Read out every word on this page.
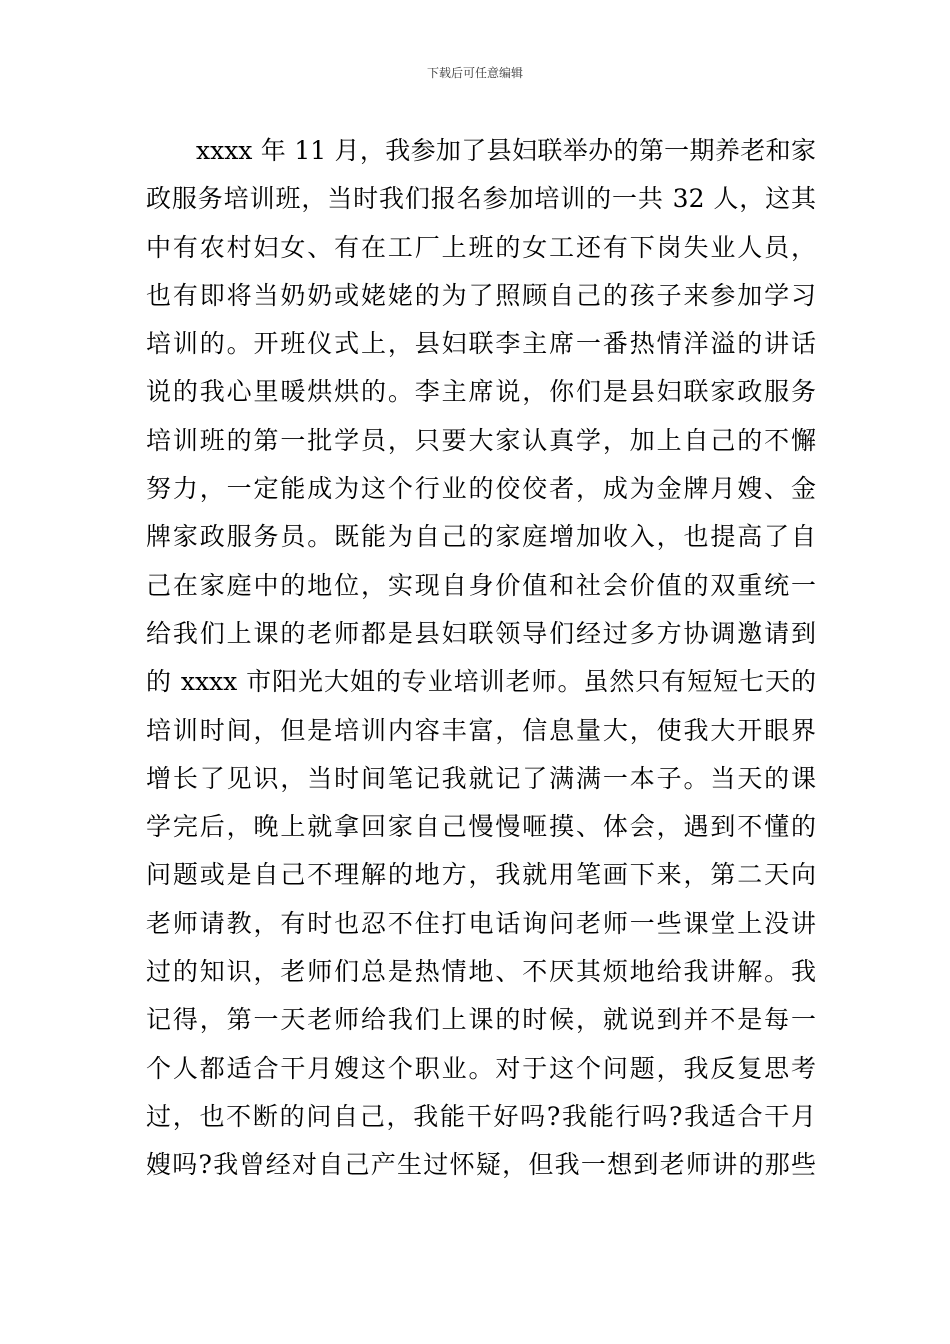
下载后可任意编辑
xxxx 年 11 月，我参加了县妇联举办的第一期养老和家
政服务培训班，当时我们报名参加培训的一共 32 人，这其
中有农村妇女、有在工厂上班的女工还有下岗失业人员，
也有即将当奶奶或姥姥的为了照顾自己的孩子来参加学习
培训的。开班仪式上，县妇联李主席一番热情洋溢的讲话
说的我心里暖烘烘的。李主席说，你们是县妇联家政服务
培训班的第一批学员，只要大家认真学，加上自己的不懈
努力，一定能成为这个行业的佼佼者，成为金牌月嫂、金
牌家政服务员。既能为自己的家庭增加收入，也提高了自
己在家庭中的地位，实现自身价值和社会价值的双重统一
给我们上课的老师都是县妇联领导们经过多方协调邀请到
的 xxxx 市阳光大姐的专业培训老师。虽然只有短短七天的
培训时间，但是培训内容丰富，信息量大，使我大开眼界
增长了见识，当时间笔记我就记了满满一本子。当天的课
学完后，晚上就拿回家自己慢慢咂摸、体会，遇到不懂的
问题或是自己不理解的地方，我就用笔画下来，第二天向
老师请教，有时也忍不住打电话询问老师一些课堂上没讲
过的知识，老师们总是热情地、不厌其烦地给我讲解。我
记得，第一天老师给我们上课的时候，就说到并不是每一
个人都适合干月嫂这个职业。对于这个问题，我反复思考
过，也不断的问自己，我能干好吗?我能行吗?我适合干月
嫂吗?我曾经对自己产生过怀疑，但我一想到老师讲的那些
